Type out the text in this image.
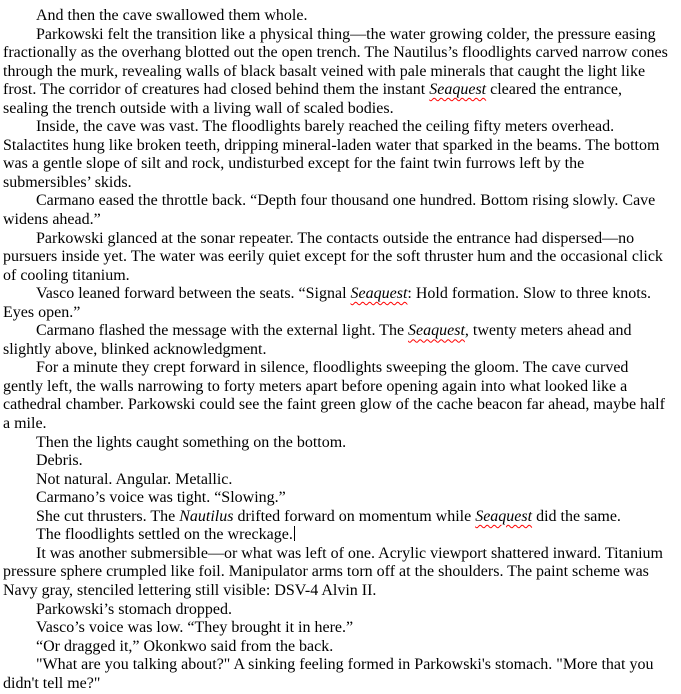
And then the cave swallowed them whole.

Parkowski felt the transition like a physical thing—the water growing colder, the pressure easing fractionally as the overhang blotted out the open trench. The Nautilus’s floodlights carved narrow cones through the murk, revealing walls of black basalt veined with pale minerals that caught the light like frost. The corridor of creatures had closed behind them the instant Seaquest cleared the entrance, sealing the trench outside with a living wall of scaled bodies.

Inside, the cave was vast. The floodlights barely reached the ceiling fifty meters overhead. Stalactites hung like broken teeth, dripping mineral-laden water that sparked in the beams. The bottom was a gentle slope of silt and rock, undisturbed except for the faint twin furrows left by the submersibles’ skids.

Carmano eased the throttle back. “Depth four thousand one hundred. Bottom rising slowly. Cave widens ahead.”

Parkowski glanced at the sonar repeater. The contacts outside the entrance had dispersed—no pursuers inside yet. The water was eerily quiet except for the soft thruster hum and the occasional click of cooling titanium.

Vasco leaned forward between the seats. “Signal Seaquest: Hold formation. Slow to three knots. Eyes open.”

Carmano flashed the message with the external light. The Seaquest, twenty meters ahead and slightly above, blinked acknowledgment.

For a minute they crept forward in silence, floodlights sweeping the gloom. The cave curved gently left, the walls narrowing to forty meters apart before opening again into what looked like a cathedral chamber. Parkowski could see the faint green glow of the cache beacon far ahead, maybe half a mile.

Then the lights caught something on the bottom.

Debris.

Not natural. Angular. Metallic.

Carmano’s voice was tight. “Slowing.”

She cut thrusters. The Nautilus drifted forward on momentum while Seaquest did the same.

The floodlights settled on the wreckage.

It was another submersible—or what was left of one. Acrylic viewport shattered inward. Titanium pressure sphere crumpled like foil. Manipulator arms torn off at the shoulders. The paint scheme was Navy gray, stenciled lettering still visible: DSV-4 Alvin II.

Parkowski’s stomach dropped.

Vasco’s voice was low. “They brought it in here.”

“Or dragged it,” Okonkwo said from the back.

"What are you talking about?" A sinking feeling formed in Parkowski's stomach. "More that you didn't tell me?"
